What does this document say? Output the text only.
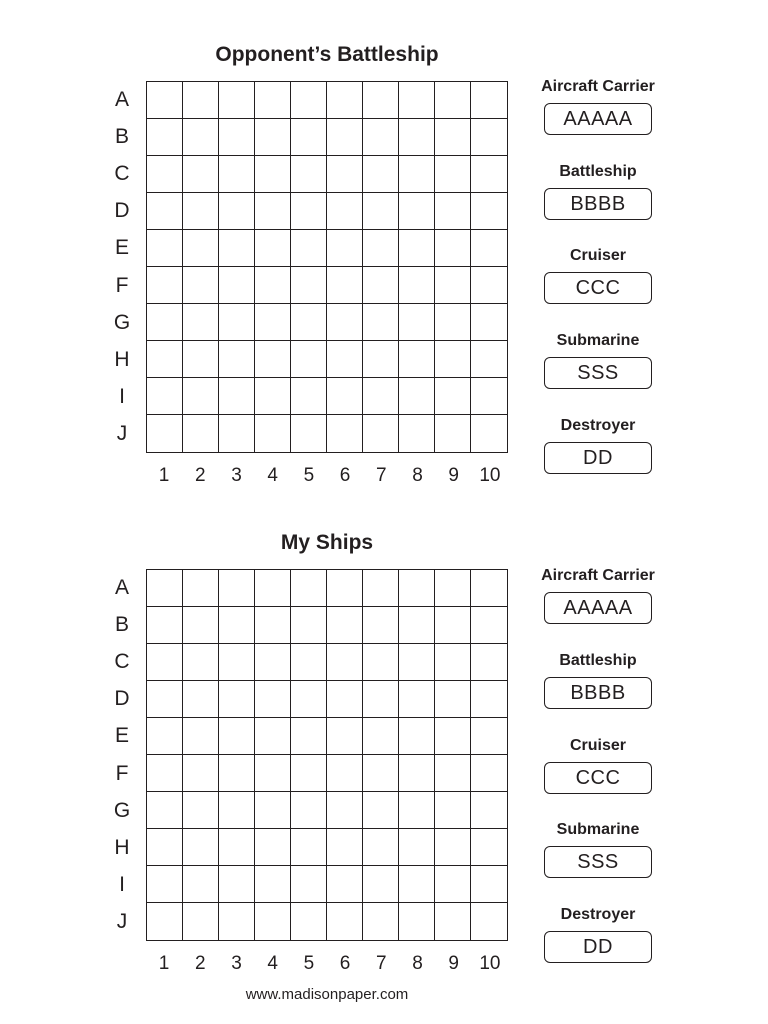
Opponent’s Battleship
A
B
C
D
E
F
G
H
I
J
1	2	3	4	5	6	7	8	9	10
Aircraft Carrier
AAAAA
Battleship
BBBB
Cruiser
CCC
Submarine
SSS
Destroyer
DD
My Ships
A
B
C
D
E
F
G
H
I
J
1	2	3	4	5	6	7	8	9	10
Aircraft Carrier
AAAAA
Battleship
BBBB
Cruiser
CCC
Submarine
SSS
Destroyer
DD
www.madisonpaper.com
